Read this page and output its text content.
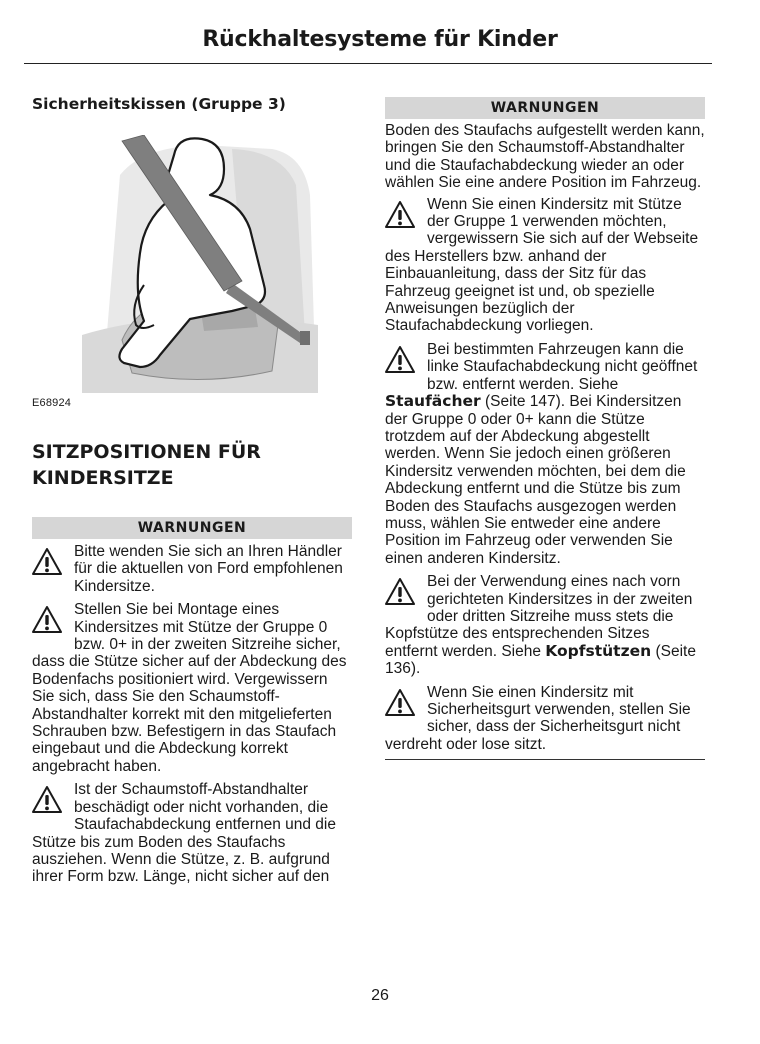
Rückhaltesysteme für Kinder
Sicherheitskissen (Gruppe 3)
E68924
SITZPOSITIONEN FÜR
KINDERSITZE
WARNUNGEN
Bitte wenden Sie sich an Ihren Händler für die aktuellen von Ford empfohlenen Kindersitze.
Stellen Sie bei Montage eines Kindersitzes mit Stütze der Gruppe 0 bzw. 0+ in der zweiten Sitzreihe sicher, dass die Stütze sicher auf der Abdeckung des Bodenfachs positioniert wird. Vergewissern Sie sich, dass Sie den Schaumstoff-Abstandhalter korrekt mit den mitgelieferten Schrauben bzw. Befestigern in das Staufach eingebaut und die Abdeckung korrekt angebracht haben.
Ist der Schaumstoff-Abstandhalter beschädigt oder nicht vorhanden, die Staufachabdeckung entfernen und die Stütze bis zum Boden des Staufachs ausziehen. Wenn die Stütze, z. B. aufgrund ihrer Form bzw. Länge, nicht sicher auf den
WARNUNGEN

Boden des Staufachs aufgestellt werden kann, bringen Sie den Schaumstoff-Abstandhalter und die Staufachabdeckung wieder an oder wählen Sie eine andere Position im Fahrzeug.

Wenn Sie einen Kindersitz mit Stütze der Gruppe 1 verwenden möchten, vergewissern Sie sich auf der Webseite des Herstellers bzw. anhand der Einbauanleitung, dass der Sitz für das Fahrzeug geeignet ist und, ob spezielle Anweisungen bezüglich der Staufachabdeckung vorliegen.
Bei bestimmten Fahrzeugen kann die linke Staufachabdeckung nicht geöffnet bzw. entfernt werden. Siehe Staufächer (Seite 147). Bei Kindersitzen der Gruppe 0 oder 0+ kann die Stütze trotzdem auf der Abdeckung abgestellt werden. Wenn Sie jedoch einen größeren Kindersitz verwenden möchten, bei dem die Abdeckung entfernt und die Stütze bis zum Boden des Staufachs ausgezogen werden muss, wählen Sie entweder eine andere Position im Fahrzeug oder verwenden Sie einen anderen Kindersitz.
Bei der Verwendung eines nach vorn gerichteten Kindersitzes in der zweiten oder dritten Sitzreihe muss stets die Kopfstütze des entsprechenden Sitzes entfernt werden. Siehe Kopfstützen (Seite 136).
Wenn Sie einen Kindersitz mit Sicherheitsgurt verwenden, stellen Sie sicher, dass der Sicherheitsgurt nicht verdreht oder lose sitzt.
26
